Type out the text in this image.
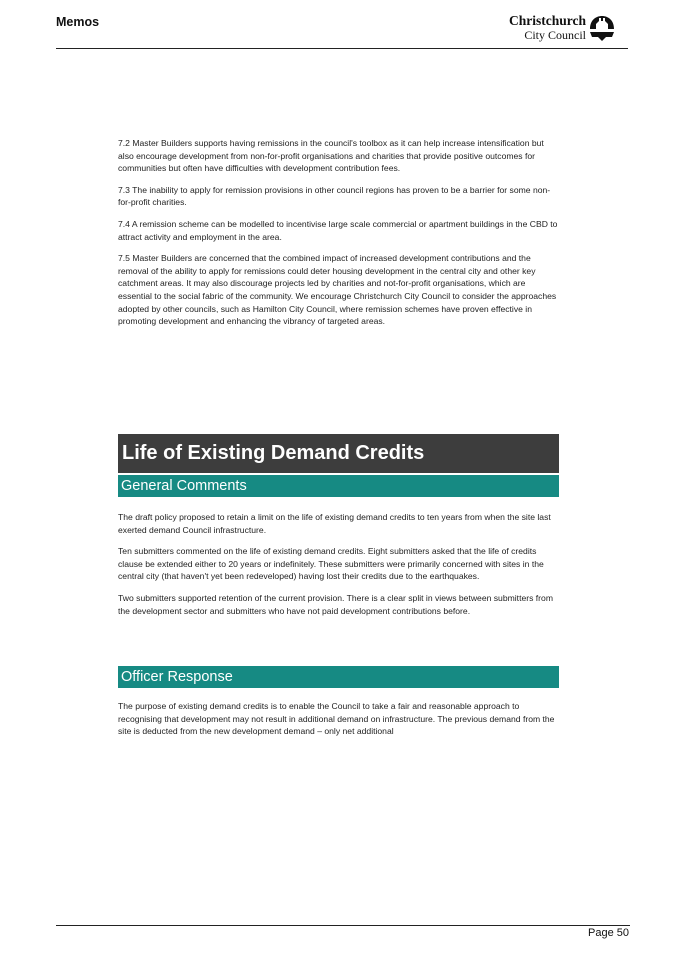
Memos	Christchurch
City Council

7.2 Master Builders supports having remissions in the council's toolbox as it can help increase intensification but also encourage development from non-for-profit organisations and charities that provide positive outcomes for communities but often have difficulties with development contribution fees.

7.3 The inability to apply for remission provisions in other council regions has proven to be a barrier for some non-for-profit charities.

7.4 A remission scheme can be modelled to incentivise large scale commercial or apartment buildings in the CBD to attract activity and employment in the area.

7.5 Master Builders are concerned that the combined impact of increased development contributions and the removal of the ability to apply for remissions could deter housing development in the central city and other key catchment areas. It may also discourage projects led by charities and not-for-profit organisations, which are essential to the social fabric of the community. We encourage Christchurch City Council to consider the approaches adopted by other councils, such as Hamilton City Council, where remission schemes have proven effective in promoting development and enhancing the vibrancy of targeted areas.

Life of Existing Demand Credits
General Comments

The draft policy proposed to retain a limit on the life of existing demand credits to ten years from when the site last exerted demand Council infrastructure.

Ten submitters commented on the life of existing demand credits. Eight submitters asked that the life of credits clause be extended either to 20 years or indefinitely. These submitters were primarily concerned with sites in the central city (that haven't yet been redeveloped) having lost their credits due to the earthquakes.

Two submitters supported retention of the current provision. There is a clear split in views between submitters from the development sector and submitters who have not paid development contributions before.

Officer Response

The purpose of existing demand credits is to enable the Council to take a fair and reasonable approach to recognising that development may not result in additional demand on infrastructure. The previous demand from the site is deducted from the new development demand – only net additional

Page 50
